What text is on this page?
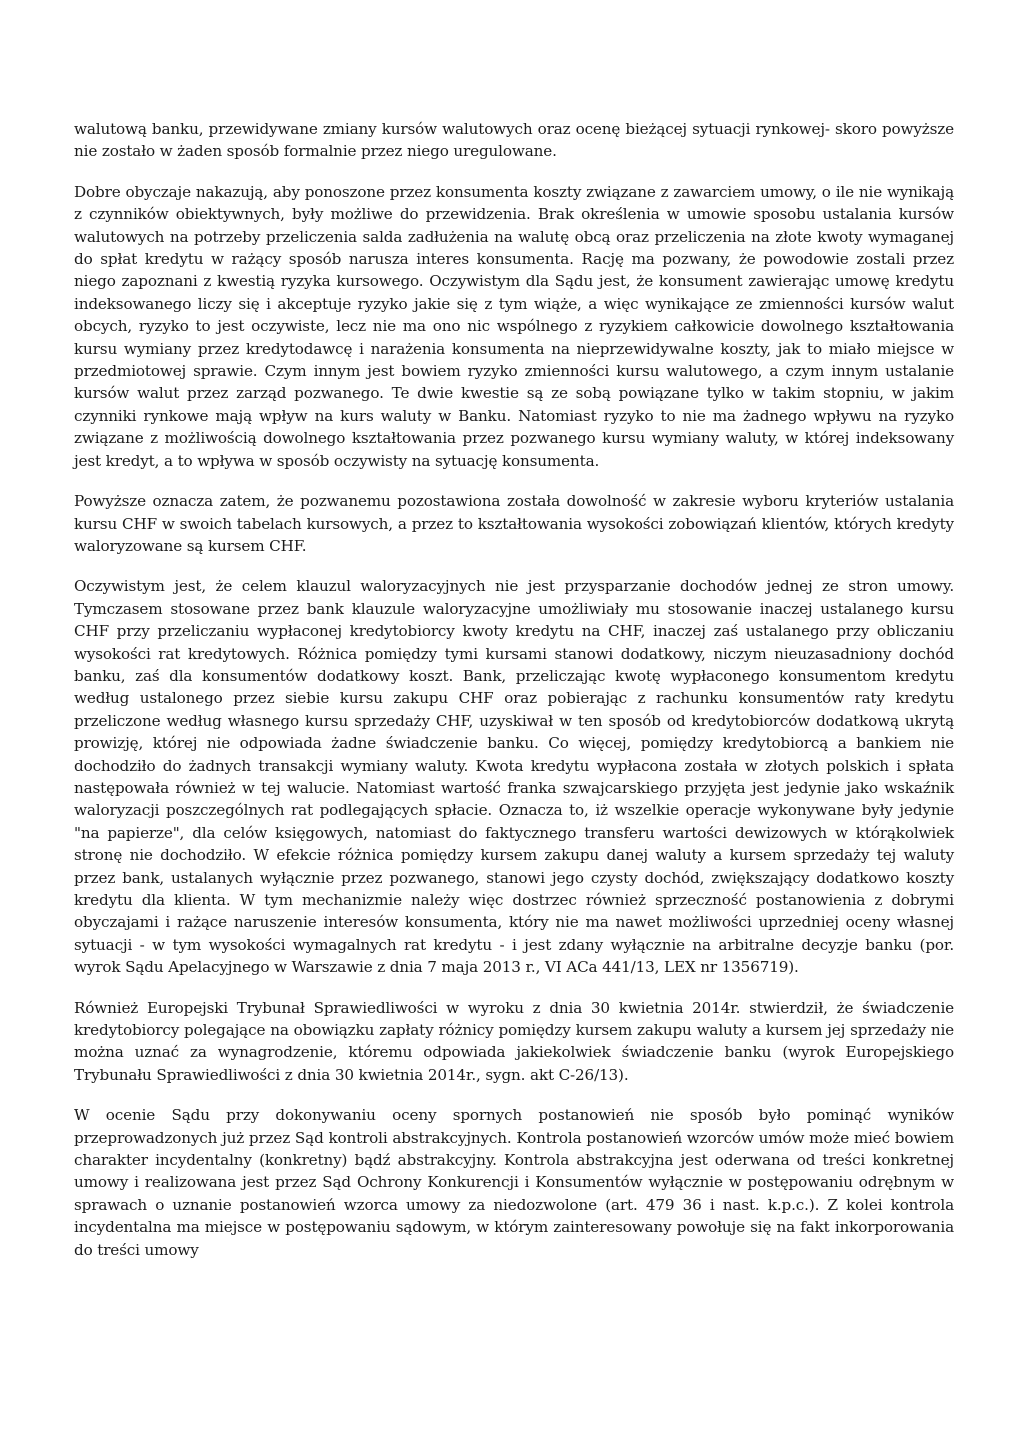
walutową banku, przewidywane zmiany kursów walutowych oraz ocenę bieżącej sytuacji rynkowej- skoro powyższe nie zostało w żaden sposób formalnie przez niego uregulowane.

Dobre obyczaje nakazują, aby ponoszone przez konsumenta koszty związane z zawarciem umowy, o ile nie wynikają z czynników obiektywnych, były możliwe do przewidzenia. Brak określenia w umowie sposobu ustalania kursów walutowych na potrzeby przeliczenia salda zadłużenia na walutę obcą oraz przeliczenia na złote kwoty wymaganej do spłat kredytu w rażący sposób narusza interes konsumenta. Rację ma pozwany, że powodowie zostali przez niego zapoznani z kwestią ryzyka kursowego. Oczywistym dla Sądu jest, że konsument zawierając umowę kredytu indeksowanego liczy się i akceptuje ryzyko jakie się z tym wiąże, a więc wynikające ze zmienności kursów walut obcych, ryzyko to jest oczywiste, lecz nie ma ono nic wspólnego z ryzykiem całkowicie dowolnego kształtowania kursu wymiany przez kredytodawcę i narażenia konsumenta na nieprzewidywalne koszty, jak to miało miejsce w przedmiotowej sprawie. Czym innym jest bowiem ryzyko zmienności kursu walutowego, a czym innym ustalanie kursów walut przez zarząd pozwanego. Te dwie kwestie są ze sobą powiązane tylko w takim stopniu, w jakim czynniki rynkowe mają wpływ na kurs waluty w Banku. Natomiast ryzyko to nie ma żadnego wpływu na ryzyko związane z możliwością dowolnego kształtowania przez pozwanego kursu wymiany waluty, w której indeksowany jest kredyt, a to wpływa w sposób oczywisty na sytuację konsumenta.

Powyższe oznacza zatem, że pozwanemu pozostawiona została dowolność w zakresie wyboru kryteriów ustalania kursu CHF w swoich tabelach kursowych, a przez to kształtowania wysokości zobowiązań klientów, których kredyty waloryzowane są kursem CHF.

Oczywistym jest, że celem klauzul waloryzacyjnych nie jest przysparzanie dochodów jednej ze stron umowy. Tymczasem stosowane przez bank klauzule waloryzacyjne umożliwiały mu stosowanie inaczej ustalanego kursu CHF przy przeliczaniu wypłaconej kredytobiorcy kwoty kredytu na CHF, inaczej zaś ustalanego przy obliczaniu wysokości rat kredytowych. Różnica pomiędzy tymi kursami stanowi dodatkowy, niczym nieuzasadniony dochód banku, zaś dla konsumentów dodatkowy koszt. Bank, przeliczając kwotę wypłaconego konsumentom kredytu według ustalonego przez siebie kursu zakupu CHF oraz pobierając z rachunku konsumentów raty kredytu przeliczone według własnego kursu sprzedaży CHF, uzyskiwał w ten sposób od kredytobiorców dodatkową ukrytą prowizję, której nie odpowiada żadne świadczenie banku. Co więcej, pomiędzy kredytobiorcą a bankiem nie dochodziło do żadnych transakcji wymiany waluty. Kwota kredytu wypłacona została w złotych polskich i spłata następowała również w tej walucie. Natomiast wartość franka szwajcarskiego przyjęta jest jedynie jako wskaźnik waloryzacji poszczególnych rat podlegających spłacie. Oznacza to, iż wszelkie operacje wykonywane były jedynie "na papierze", dla celów księgowych, natomiast do faktycznego transferu wartości dewizowych w którąkolwiek stronę nie dochodziło. W efekcie różnica pomiędzy kursem zakupu danej waluty a kursem sprzedaży tej waluty przez bank, ustalanych wyłącznie przez pozwanego, stanowi jego czysty dochód, zwiększający dodatkowo koszty kredytu dla klienta. W tym mechanizmie należy więc dostrzec również sprzeczność postanowienia z dobrymi obyczajami i rażące naruszenie interesów konsumenta, który nie ma nawet możliwości uprzedniej oceny własnej sytuacji - w tym wysokości wymagalnych rat kredytu - i jest zdany wyłącznie na arbitralne decyzje banku (por. wyrok Sądu Apelacyjnego w Warszawie z dnia 7 maja 2013 r., VI ACa 441/13, LEX nr 1356719).

Również Europejski Trybunał Sprawiedliwości w wyroku z dnia 30 kwietnia 2014r. stwierdził, że świadczenie kredytobiorcy polegające na obowiązku zapłaty różnicy pomiędzy kursem zakupu waluty a kursem jej sprzedaży nie można uznać za wynagrodzenie, któremu odpowiada jakiekolwiek świadczenie banku (wyrok Europejskiego Trybunału Sprawiedliwości z dnia 30 kwietnia 2014r., sygn. akt C-26/13).

W ocenie Sądu przy dokonywaniu oceny spornych postanowień nie sposób było pominąć wyników przeprowadzonych już przez Sąd kontroli abstrakcyjnych. Kontrola postanowień wzorców umów może mieć bowiem charakter incydentalny (konkretny) bądź abstrakcyjny. Kontrola abstrakcyjna jest oderwana od treści konkretnej umowy i realizowana jest przez Sąd Ochrony Konkurencji i Konsumentów wyłącznie w postępowaniu odrębnym w sprawach o uznanie postanowień wzorca umowy za niedozwolone (art. 479 36 i nast. k.p.c.). Z kolei kontrola incydentalna ma miejsce w postępowaniu sądowym, w którym zainteresowany powołuje się na fakt inkorporowania do treści umowy
